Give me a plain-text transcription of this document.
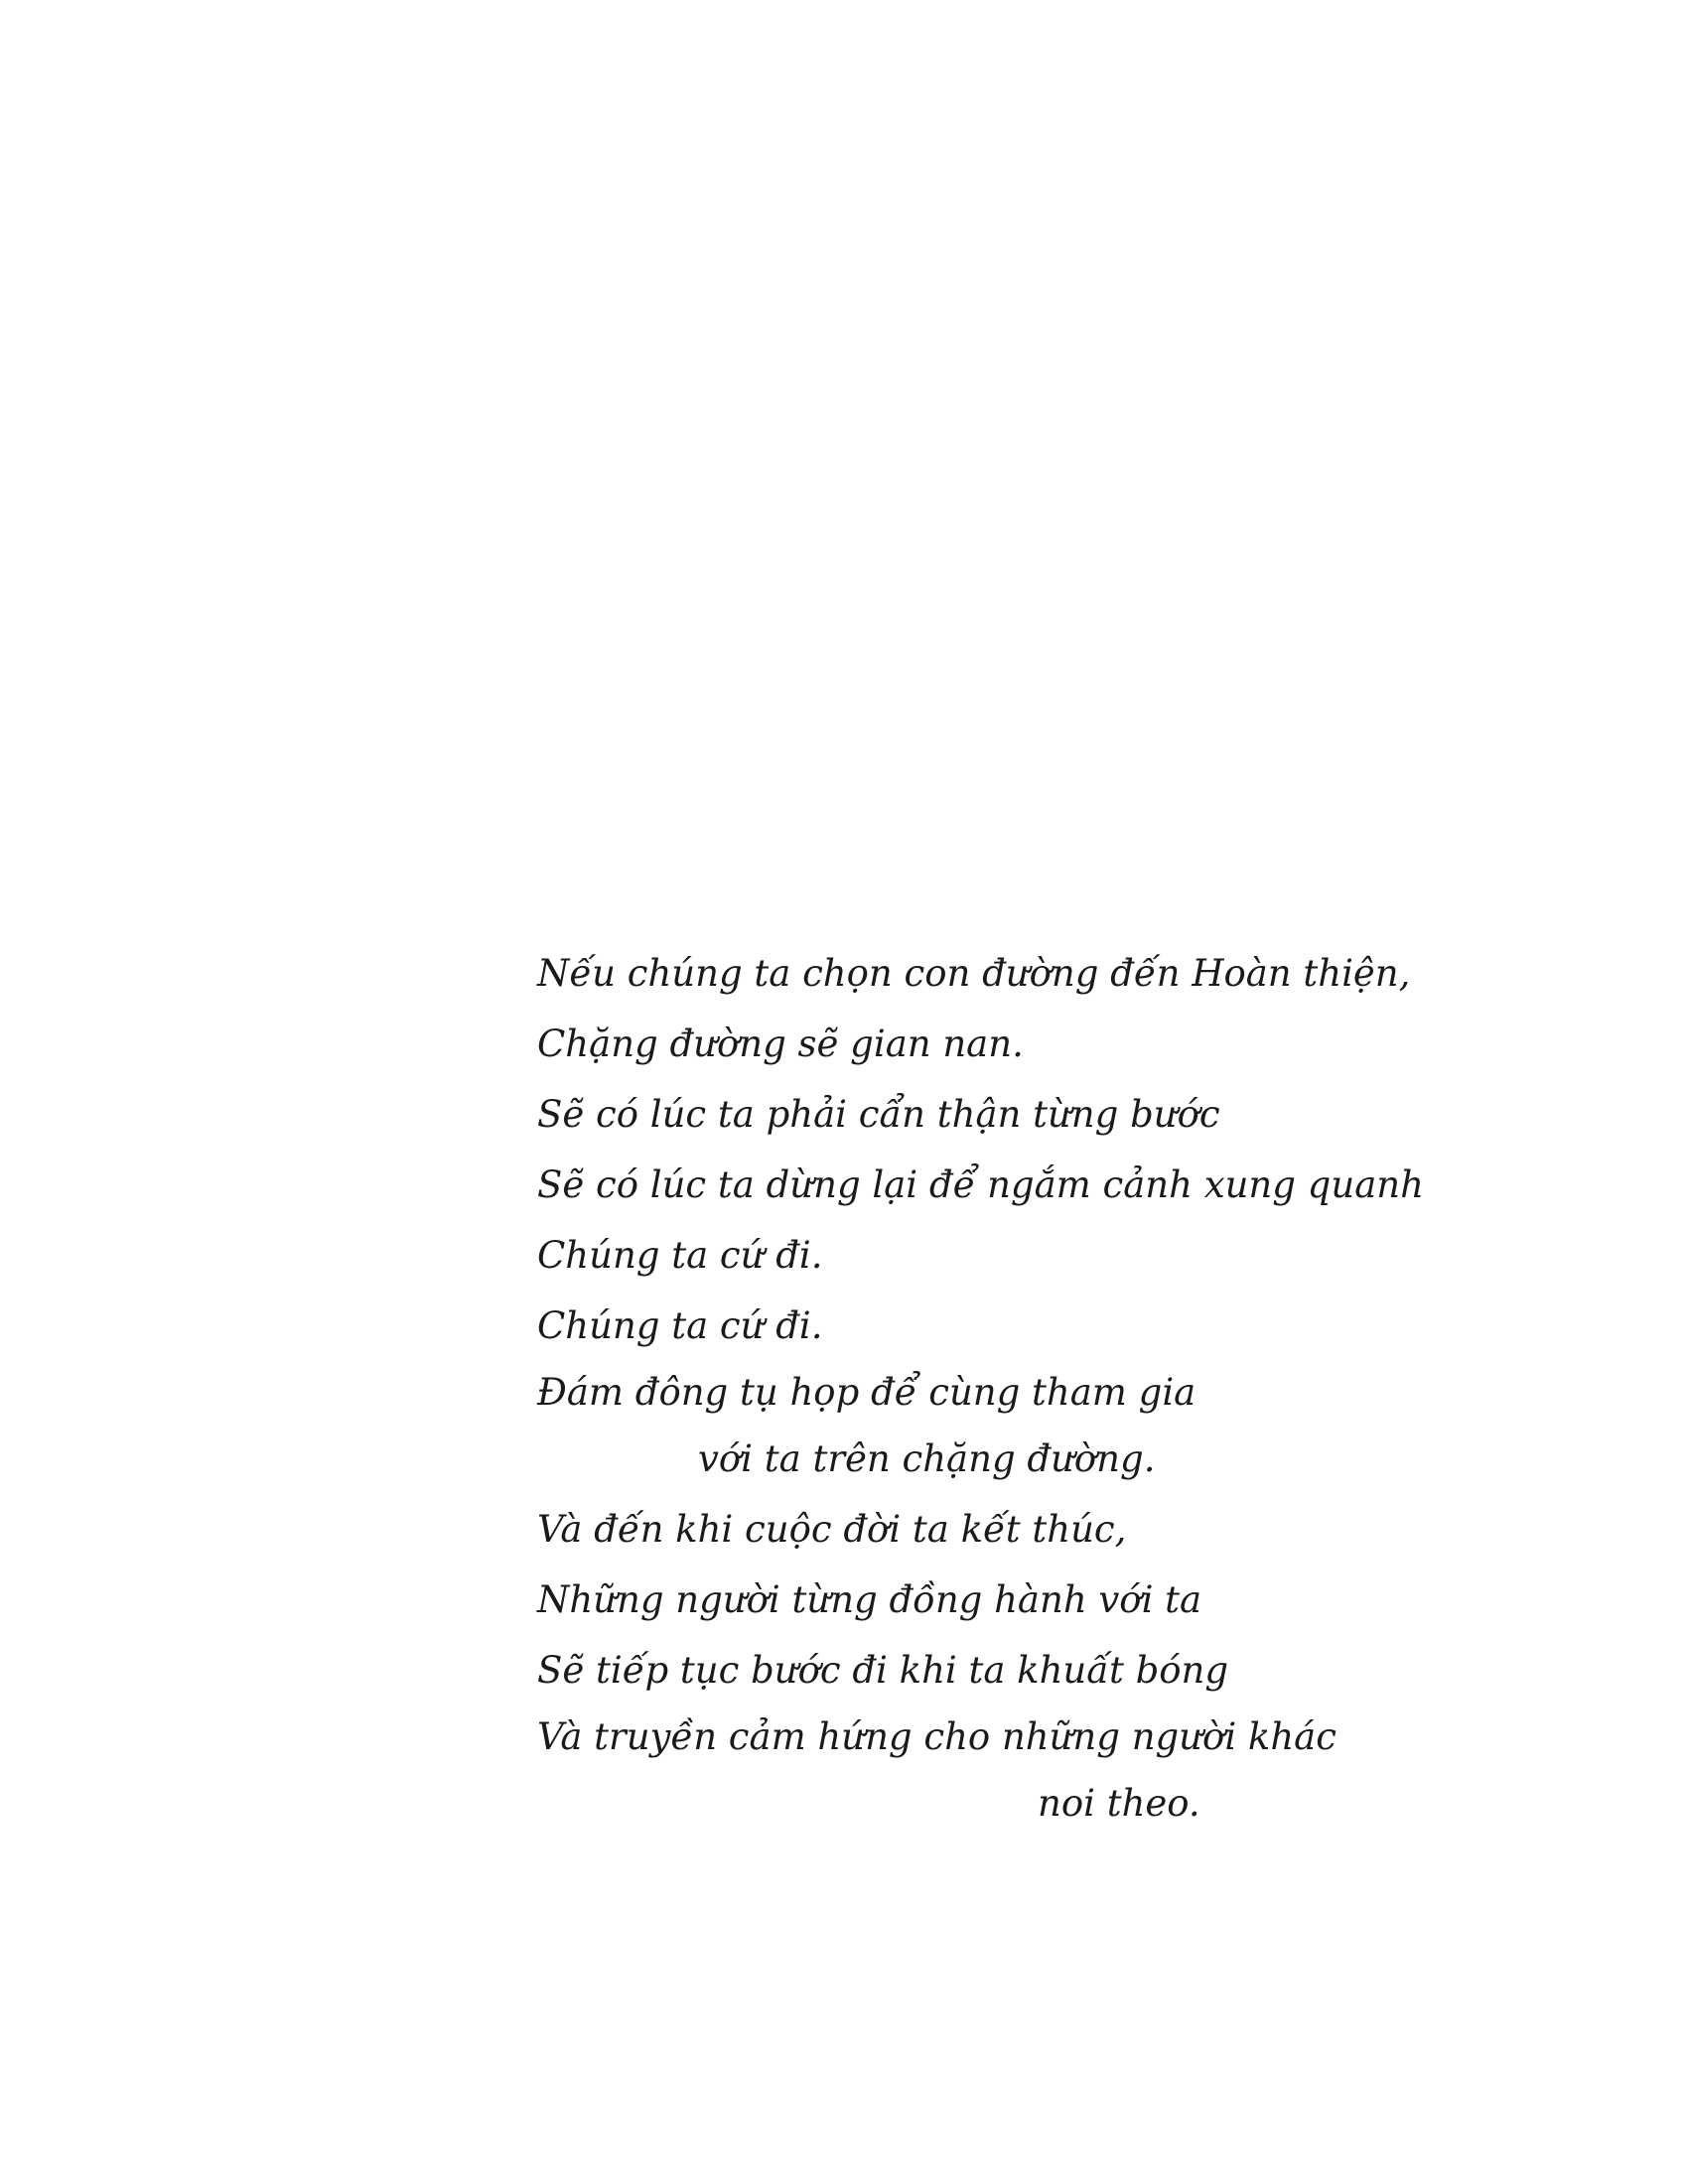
Nếu chúng ta chọn con đường đến Hoàn thiện,
Chặng đường sẽ gian nan.
Sẽ có lúc ta phải cẩn thận từng bước
Sẽ có lúc ta dừng lại để ngắm cảnh xung quanh
Chúng ta cứ đi.
Chúng ta cứ đi.
Đám đông tụ họp để cùng tham gia
với ta trên chặng đường.
Và đến khi cuộc đời ta kết thúc,
Những người từng đồng hành với ta
Sẽ tiếp tục bước đi khi ta khuất bóng
Và truyền cảm hứng cho những người khác
noi theo.
